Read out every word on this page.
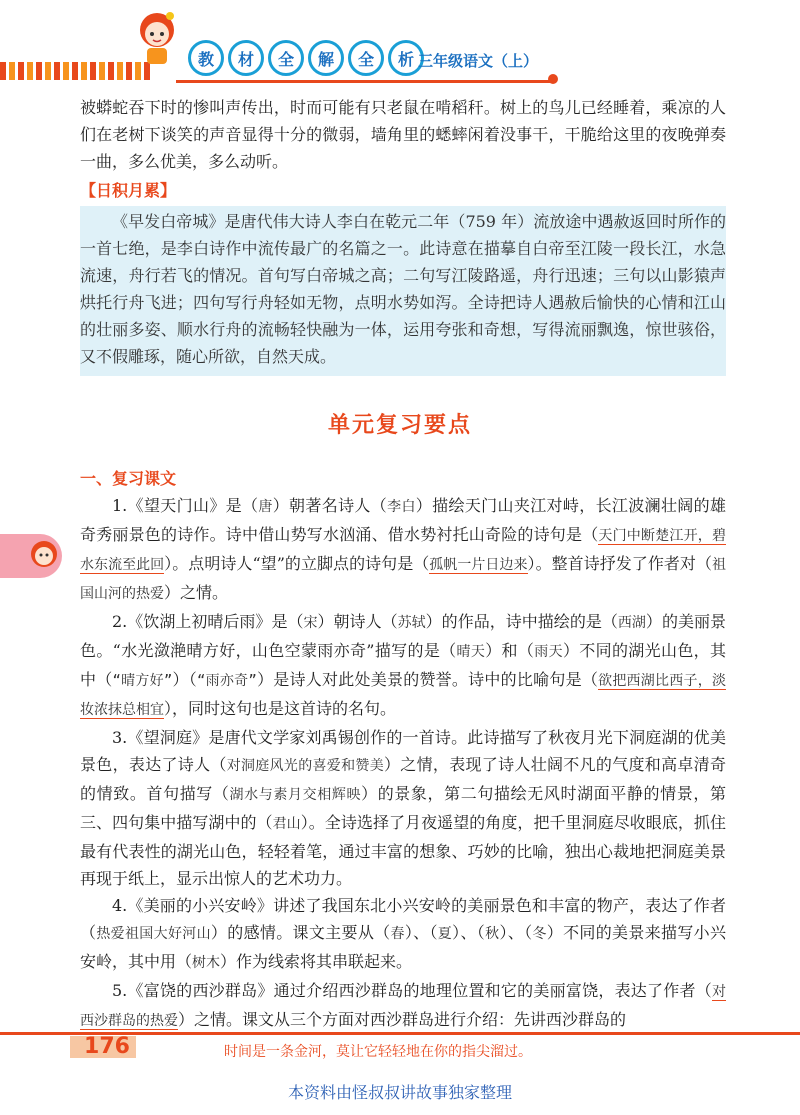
教	材	全	解	全	析 三年级语文（上）

被蟒蛇吞下时的惨叫声传出，时而可能有只老鼠在啃稻秆。树上的鸟儿已经睡着，乘凉的人们在老树下谈笑的声音显得十分的微弱，墙角里的蟋蟀闲着没事干，干脆给这里的夜晚弹奏一曲，多么优美，多么动听。

【日积月累】

《早发白帝城》是唐代伟大诗人李白在乾元二年（759 年）流放途中遇赦返回时所作的一首七绝，是李白诗作中流传最广的名篇之一。此诗意在描摹自白帝至江陵一段长江，水急流速，舟行若飞的情况。首句写白帝城之高；二句写江陵路遥，舟行迅速；三句以山影猿声烘托行舟飞进；四句写行舟轻如无物，点明水势如泻。全诗把诗人遇赦后愉快的心情和江山的壮丽多姿、顺水行舟的流畅轻快融为一体，运用夸张和奇想，写得流丽飘逸，惊世骇俗，又不假雕琢，随心所欲，自然天成。

单元复习要点
一、复习课文

1.《望天门山》是（唐）朝著名诗人（李白）描绘天门山夹江对峙，长江波澜壮阔的雄奇秀丽景色的诗作。诗中借山势写水汹涌、借水势衬托山奇险的诗句是（天门中断楚江开，碧水东流至此回）。点明诗人“望”的立脚点的诗句是（孤帆一片日边来）。整首诗抒发了作者对（祖国山河的热爱）之情。

2.《饮湖上初晴后雨》是（宋）朝诗人（苏轼）的作品，诗中描绘的是（西湖）的美丽景色。“水光潋滟晴方好，山色空蒙雨亦奇”描写的是（晴天）和（雨天）不同的湖光山色，其中（“晴方好”）（“雨亦奇”）是诗人对此处美景的赞誉。诗中的比喻句是（欲把西湖比西子，淡妆浓抹总相宜），同时这句也是这首诗的名句。

3.《望洞庭》是唐代文学家刘禹锡创作的一首诗。此诗描写了秋夜月光下洞庭湖的优美景色，表达了诗人（对洞庭风光的喜爱和赞美）之情，表现了诗人壮阔不凡的气度和高卓清奇的情致。首句描写（湖水与素月交相辉映）的景象，第二句描绘无风时湖面平静的情景，第三、四句集中描写湖中的（君山）。全诗选择了月夜遥望的角度，把千里洞庭尽收眼底，抓住最有代表性的湖光山色，轻轻着笔，通过丰富的想象、巧妙的比喻，独出心裁地把洞庭美景再现于纸上，显示出惊人的艺术功力。

4.《美丽的小兴安岭》讲述了我国东北小兴安岭的美丽景色和丰富的物产，表达了作者（热爱祖国大好河山）的感情。课文主要从（春）、（夏）、（秋）、（冬）不同的美景来描写小兴安岭，其中用（树木）作为线索将其串联起来。

5.《富饶的西沙群岛》通过介绍西沙群岛的地理位置和它的美丽富饶，表达了作者（对西沙群岛的热爱）之情。课文从三个方面对西沙群岛进行介绍：先讲西沙群岛的

176	时间是一条金河，莫让它轻轻地在你的指尖溜过。
本资料由怪叔叔讲故事独家整理
